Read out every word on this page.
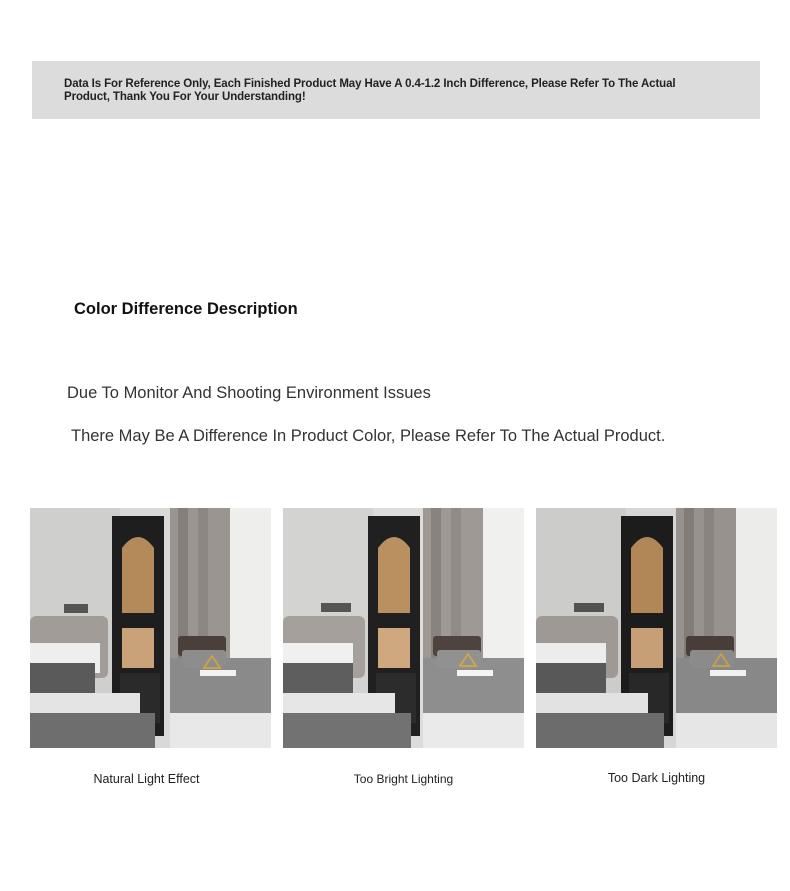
Data Is For Reference Only, Each Finished Product May Have A 0.4-1.2 Inch Difference, Please Refer To The Actual Product, Thank You For Your Understanding!
Color Difference Description
Due To Monitor And Shooting Environment Issues
There May Be A Difference In Product Color, Please Refer To The Actual Product.
Natural Light Effect	Too Bright Lighting	Too Dark Lighting
